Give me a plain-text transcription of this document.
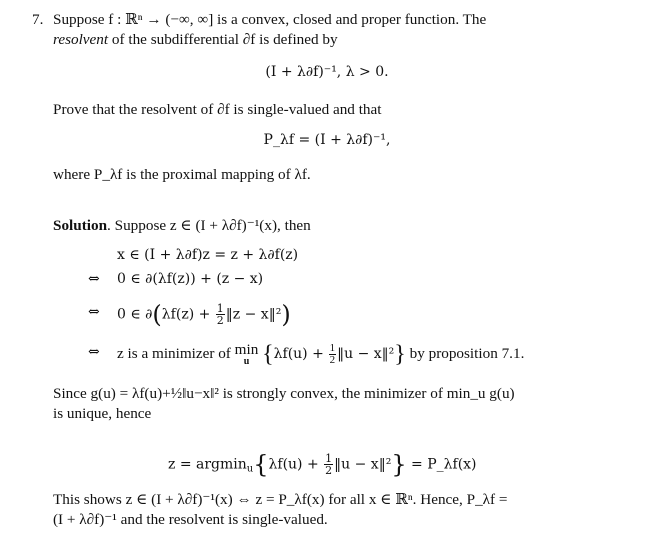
7. Suppose f : ℝⁿ → (−∞, ∞] is a convex, closed and proper function. The
resolvent of the subdifferential ∂f is defined by
(I + λ∂f)⁻¹, λ > 0.
Prove that the resolvent of ∂f is single-valued and that
P_λf = (I + λ∂f)⁻¹,
where P_λf is the proximal mapping of λf.
Solution. Suppose z ∈ (I + λ∂f)⁻¹(x), then
x ∈ (I + λ∂f)z = z + λ∂f(z)
⇔ 0 ∈ ∂(λf(z)) + (z − x)
⇔ 0 ∈ $\partial(\lambda f(z) + \frac{1}{2}$ ‖z − x‖²)
⇔ z is a minimizer of min
u {$\lambda f(u) + \frac{1}{2}$ ‖u − x‖²} by proposition 7.1.
Since g(u) = λf(u)+½‖u−x‖² is strongly convex, the minimizer of min_u g(u)
is unique, hence
$z = argmin_u\{\lambda f(u) + \frac{1}{2}$ ‖u − x‖²} = P_λf(x)
This shows z ∈ (I + λ∂f)⁻¹(x) ⇔ z = P_λf(x) for all x ∈ ℝⁿ. Hence, P_λf =
(I + λ∂f)⁻¹ and the resolvent is single-valued.
